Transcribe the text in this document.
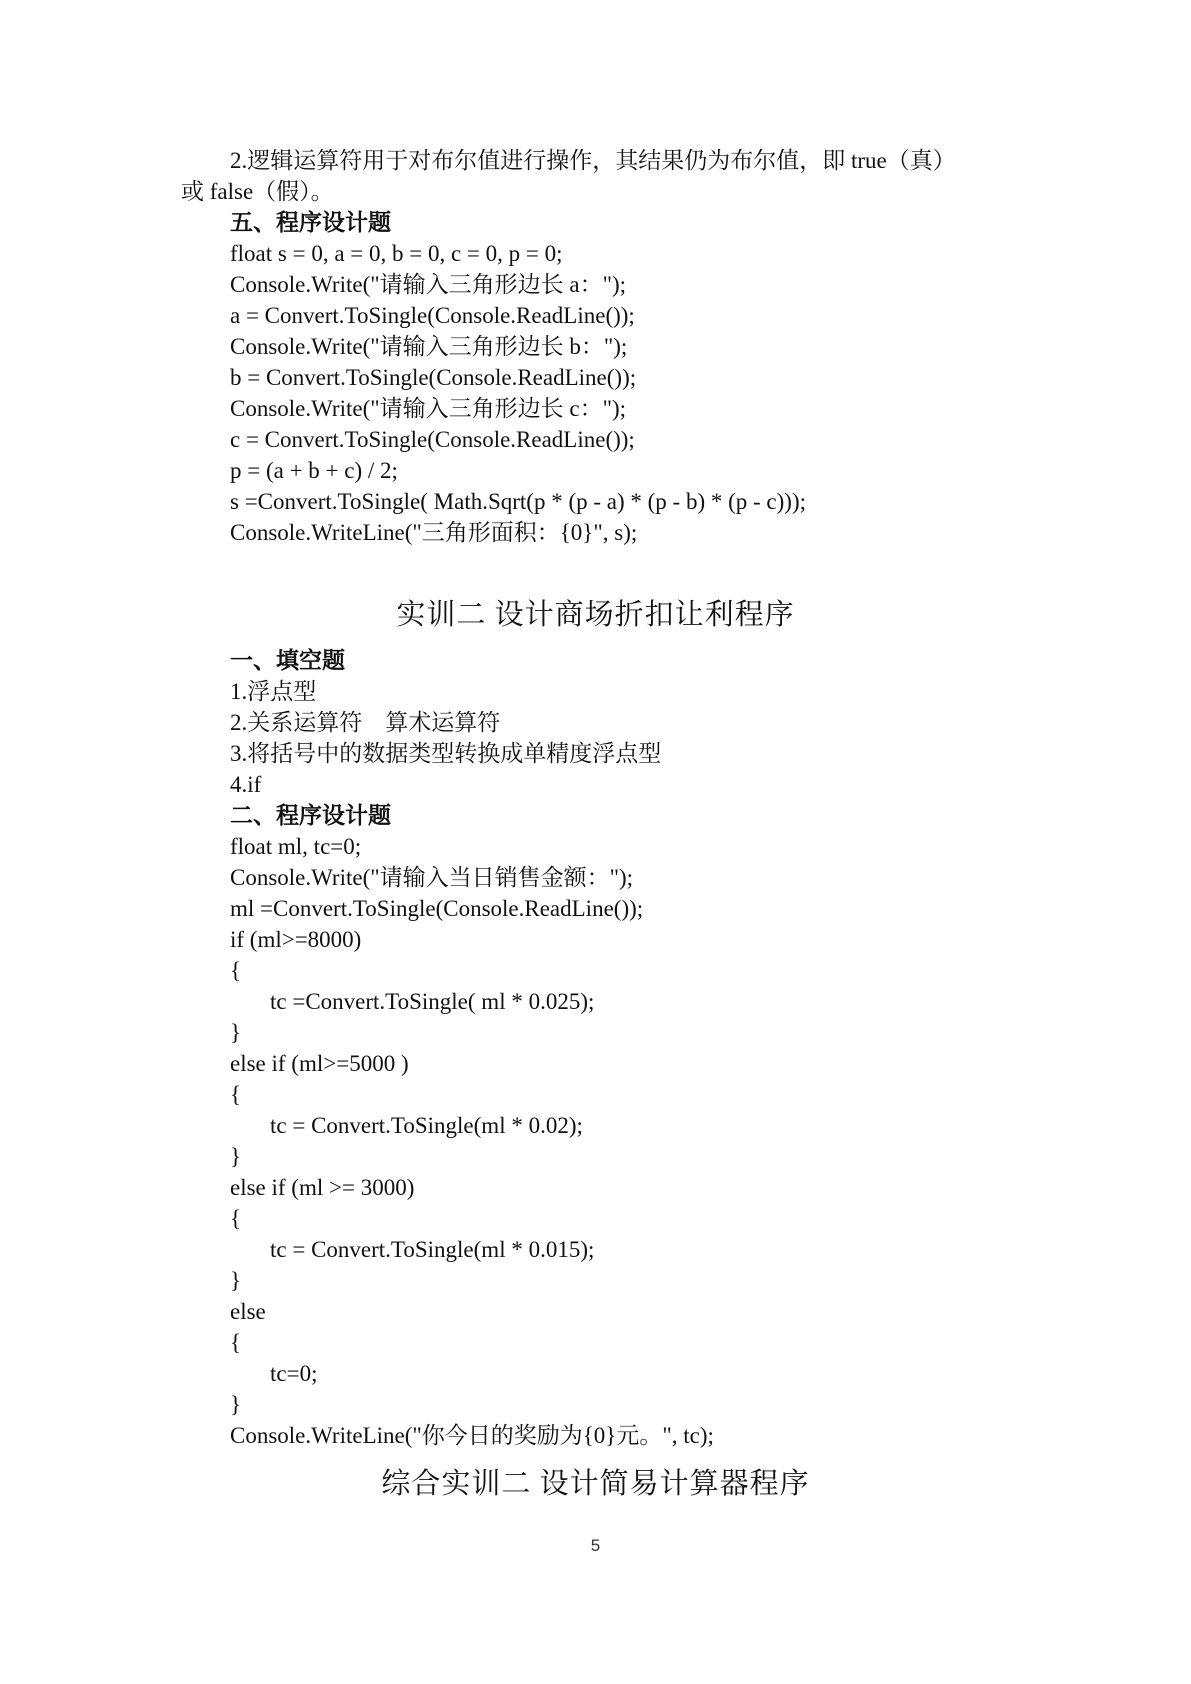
2.逻辑运算符用于对布尔值进行操作，其结果仍为布尔值，即 true（真）
或 false（假）。
五、程序设计题
float s = 0, a = 0, b = 0, c = 0, p = 0;
Console.Write("请输入三角形边长 a：");
a = Convert.ToSingle(Console.ReadLine());
Console.Write("请输入三角形边长 b：");
b = Convert.ToSingle(Console.ReadLine());
Console.Write("请输入三角形边长 c：");
c = Convert.ToSingle(Console.ReadLine());
p = (a + b + c) / 2;
s =Convert.ToSingle( Math.Sqrt(p * (p - a) * (p - b) * (p - c)));
Console.WriteLine("三角形面积：{0}", s);
实训二 设计商场折扣让利程序
一、填空题
1.浮点型
2.关系运算符    算术运算符
3.将括号中的数据类型转换成单精度浮点型
4.if
二、程序设计题
float ml, tc=0;
Console.Write("请输入当日销售金额：");
ml =Convert.ToSingle(Console.ReadLine());
if (ml>=8000)
{
tc =Convert.ToSingle( ml * 0.025);
}
else if (ml>=5000 )
{
tc = Convert.ToSingle(ml * 0.02);
}
else if (ml >= 3000)
{
tc = Convert.ToSingle(ml * 0.015);
}
else
{
tc=0;
}
Console.WriteLine("你今日的奖励为{0}元。", tc);
综合实训二 设计简易计算器程序
5
